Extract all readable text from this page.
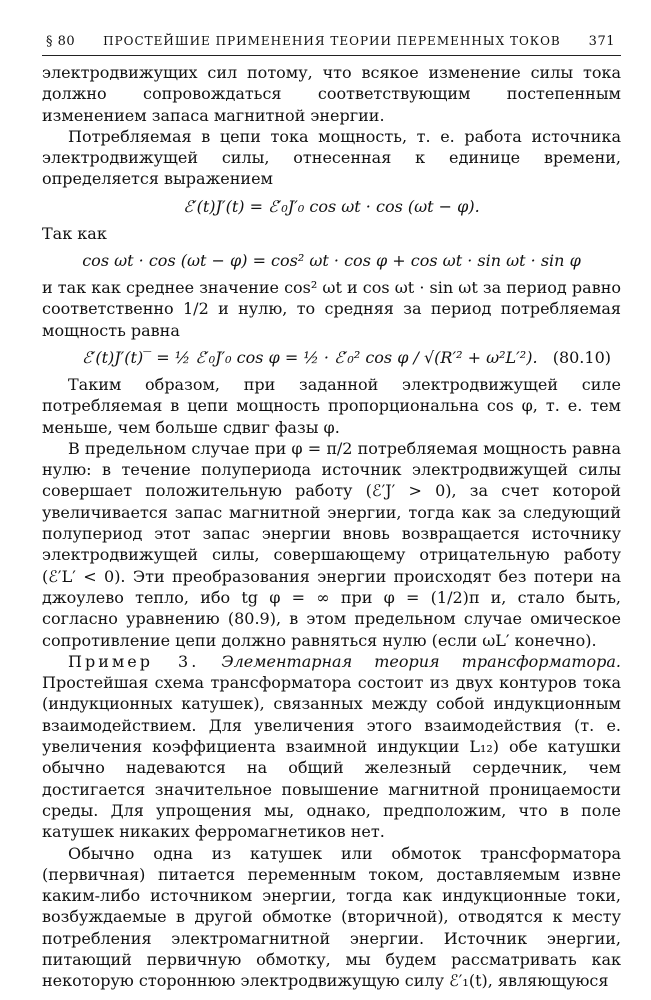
§ 80 ПРОСТЕЙШИЕ ПРИМЕНЕНИЯ ТЕОРИИ ПЕРЕМЕННЫХ ТОКОВ 371

электродвижущих сил потому, что всякое изменение силы тока должно сопровождаться соответствующим постепенным изменением запаса магнитной энергии.

Потребляемая в цепи тока мощность, т. е. работа источника электродвижущей силы, отнесенная к единице времени, определяется выражением

ℰ′(t)J′(t) = ℰ′₀J′₀ cos ωt · cos (ωt − φ).

Так как

cos ωt · cos (ωt − φ) = cos² ωt · cos φ + cos ωt · sin ωt · sin φ

и так как среднее значение cos² ωt и cos ωt · sin ωt за период равно соответственно 1/2 и нулю, то средняя за период потребляемая мощность равна

ℰ′(t)J′(t)‾ = ½ ℰ′₀J′₀ cos φ = ½ · ℰ′₀² cos φ / √(R′² + ω²L′²). (80.10)

Таким образом, при заданной электродвижущей силе потребляемая в цепи мощность пропорциональна cos φ, т. е. тем меньше, чем больше сдвиг фазы φ.

В предельном случае при φ = π/2 потребляемая мощность равна нулю: в течение полупериода источник электродвижущей силы совершает положительную работу (ℰ′J′ > 0), за счет которой увеличивается запас магнитной энергии, тогда как за следующий полупериод этот запас энергии вновь возвращается источнику электродвижущей силы, совершающему отрицательную работу (ℰ′L′ < 0). Эти преобразования энергии происходят без потери на джоулево тепло, ибо tg φ = ∞ при φ = (1/2)π и, стало быть, согласно уравнению (80.9), в этом предельном случае омическое сопротивление цепи должно равняться нулю (если ωL′ конечно).

Пример 3. Элементарная теория трансформатора. Простейшая схема трансформатора состоит из двух контуров тока (индукционных катушек), связанных между собой индукционным взаимодействием. Для увеличения этого взаимодействия (т. е. увеличения коэффициента взаимной индукции L₁₂) обе катушки обычно надеваются на общий железный сердечник, чем достигается значительное повышение магнитной проницаемости среды. Для упрощения мы, однако, предположим, что в поле катушек никаких ферромагнетиков нет.

Обычно одна из катушек или обмоток трансформатора (первичная) питается переменным током, доставляемым извне каким-либо источником энергии, тогда как индукционные токи, возбуждаемые в другой обмотке (вторичной), отводятся к месту потребления электромагнитной энергии. Источник энергии, питающий первичную обмотку, мы будем рассматривать как некоторую стороннюю электродвижущую силу ℰ′₁(t), являющуюся
